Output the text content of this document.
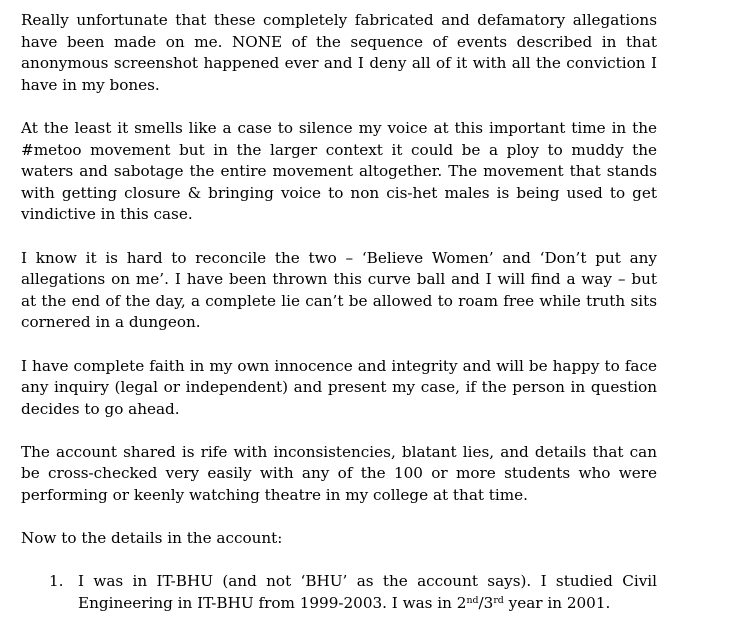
Really unfortunate that these completely fabricated and defamatory allegations have been made on me. NONE of the sequence of events described in that anonymous screenshot happened ever and I deny all of it with all the conviction I have in my bones.

At the least it smells like a case to silence my voice at this important time in the #metoo movement but in the larger context it could be a ploy to muddy the waters and sabotage the entire movement altogether. The movement that stands with getting closure & bringing voice to non cis-het males is being used to get vindictive in this case.

I know it is hard to reconcile the two – ‘Believe Women’ and ‘Don’t put any allegations on me’. I have been thrown this curve ball and I will find a way – but at the end of the day, a complete lie can’t be allowed to roam free while truth sits cornered in a dungeon.

I have complete faith in my own innocence and integrity and will be happy to face any inquiry (legal or independent) and present my case, if the person in question decides to go ahead.

The account shared is rife with inconsistencies, blatant lies, and details that can be cross-checked very easily with any of the 100 or more students who were performing or keenly watching theatre in my college at that time.

Now to the details in the account:

1. I was in IT-BHU (and not ‘BHU’ as the account says). I studied Civil Engineering in IT-BHU from 1999-2003. I was in 2nd/3rd year in 2001.
